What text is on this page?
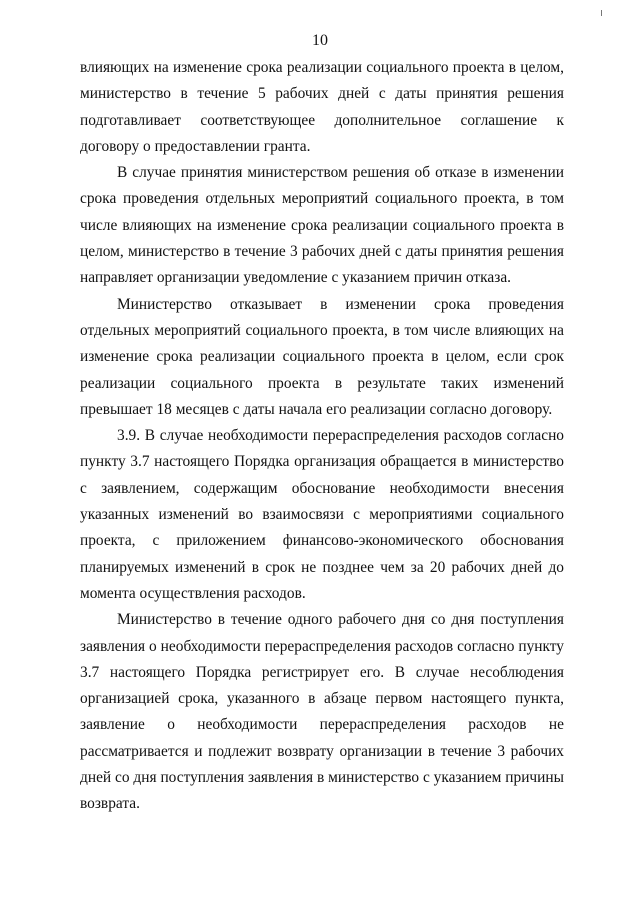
10

влияющих на изменение срока реализации социального проекта в целом, министерство в течение 5 рабочих дней с даты принятия решения подготавливает соответствующее дополнительное соглашение к договору о предоставлении гранта.

В случае принятия министерством решения об отказе в изменении срока проведения отдельных мероприятий социального проекта, в том числе влияющих на изменение срока реализации социального проекта в целом, министерство в течение 3 рабочих дней с даты принятия решения направляет организации уведомление с указанием причин отказа.

Министерство отказывает в изменении срока проведения отдельных мероприятий социального проекта, в том числе влияющих на изменение срока реализации социального проекта в целом, если срок реализации социального проекта в результате таких изменений превышает 18 месяцев с даты начала его реализации согласно договору.

3.9. В случае необходимости перераспределения расходов согласно пункту 3.7 настоящего Порядка организация обращается в министерство с заявлением, содержащим обоснование необходимости внесения указанных изменений во взаимосвязи с мероприятиями социального проекта, с приложением финансово-экономического обоснования планируемых изменений в срок не позднее чем за 20 рабочих дней до момента осуществления расходов.

Министерство в течение одного рабочего дня со дня поступления заявления о необходимости перераспределения расходов согласно пункту 3.7 настоящего Порядка регистрирует его. В случае несоблюдения организацией срока, указанного в абзаце первом настоящего пункта, заявление о необходимости перераспределения расходов не рассматривается и подлежит возврату организации в течение 3 рабочих дней со дня поступления заявления в министерство с указанием причины возврата.
